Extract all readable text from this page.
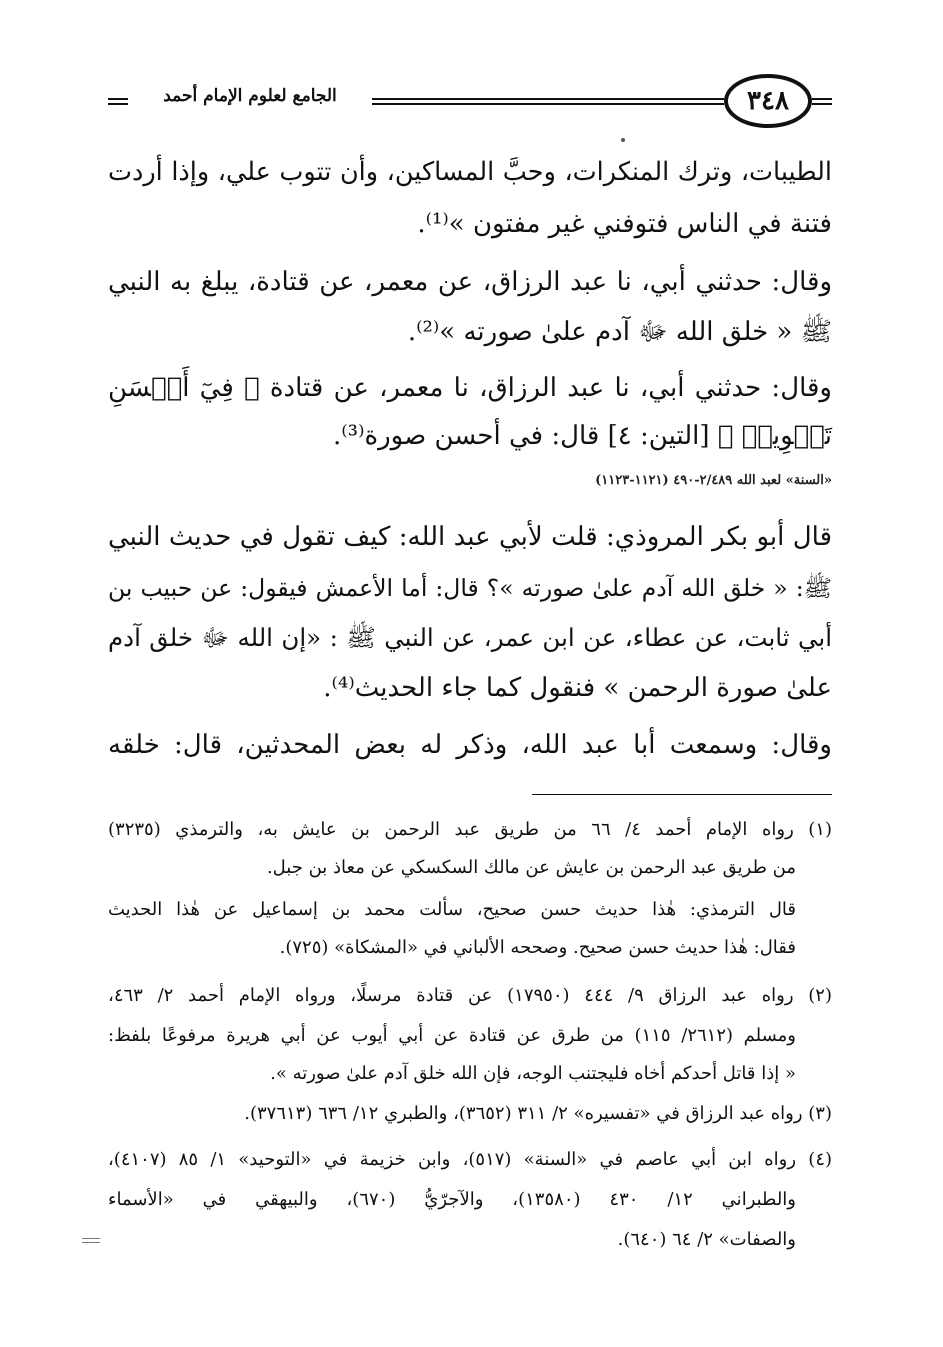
الجامع لعلوم الإمام أحمد	٣٤٨
الطيبات، وترك المنكرات، وحبَّ المساكين، وأن تتوب علي، وإذا أردت
فتنة في الناس فتوفني غير مفتون »⁽¹⁾.
وقال: حدثني أبي، نا عبد الرزاق، عن معمر، عن قتادة، يبلغ به النبي
ﷺ « خلق الله ﷻ آدم علىٰ صورته »⁽²⁾.
وقال: حدثني أبي، نا عبد الرزاق، نا معمر، عن قتادة ﴿ فِيٓ أَحۡسَنِ
تَقۡوِيمٖ ﴾ [التين: ٤] قال: في أحسن صورة⁽³⁾.
«السنة» لعبد الله ٢/٤٨٩-٤٩٠ (١١٢١-١١٢٣)
قال أبو بكر المروذي: قلت لأبي عبد الله: كيف تقول في حديث النبي
ﷺ: « خلق الله آدم علىٰ صورته »؟ قال: أما الأعمش فيقول: عن حبيب بن
أبي ثابت، عن عطاء، عن ابن عمر، عن النبي ﷺ : «إن الله ﷻ خلق آدم
علىٰ صورة الرحمن » فنقول كما جاء الحديث⁽⁴⁾.
وقال: وسمعت أبا عبد الله، وذكر له بعض المحدثين، قال: خلقه
(١) رواه الإمام أحمد ٤/ ٦٦ من طريق عبد الرحمن بن عايش به، والترمذي (٣٢٣٥)
من طريق عبد الرحمن بن عايش عن مالك السكسكي عن معاذ بن جبل.
قال الترمذي: هٰذا حديث حسن صحيح، سألت محمد بن إسماعيل عن هٰذا الحديث
فقال: هٰذا حديث حسن صحيح. وصححه الألباني في «المشكاة» (٧٢٥).
(٢) رواه عبد الرزاق ٩/ ٤٤٤ (١٧٩٥٠) عن قتادة مرسلًا، ورواه الإمام أحمد ٢/ ٤٦٣،
ومسلم (٢٦١٢/ ١١٥) من طرق عن قتادة عن أبي أيوب عن أبي هريرة مرفوعًا بلفظ:
« إذا قاتل أحدكم أخاه فليجتنب الوجه، فإن الله خلق آدم علىٰ صورته ».
(٣) رواه عبد الرزاق في «تفسيره» ٢/ ٣١١ (٣٦٥٢)، والطبري ١٢/ ٦٣٦ (٣٧٦١٣).
(٤) رواه ابن أبي عاصم في «السنة» (٥١٧)، وابن خزيمة في «التوحيد» ١/ ٨٥ (٤١٠٧)،
والطبراني ١٢/ ٤٣٠ (١٣٥٨٠)، والآجرّيُّ (٦٧٠)، والبيهقي في «الأسماء
والصفات» ٢/ ٦٤ (٦٤٠).
